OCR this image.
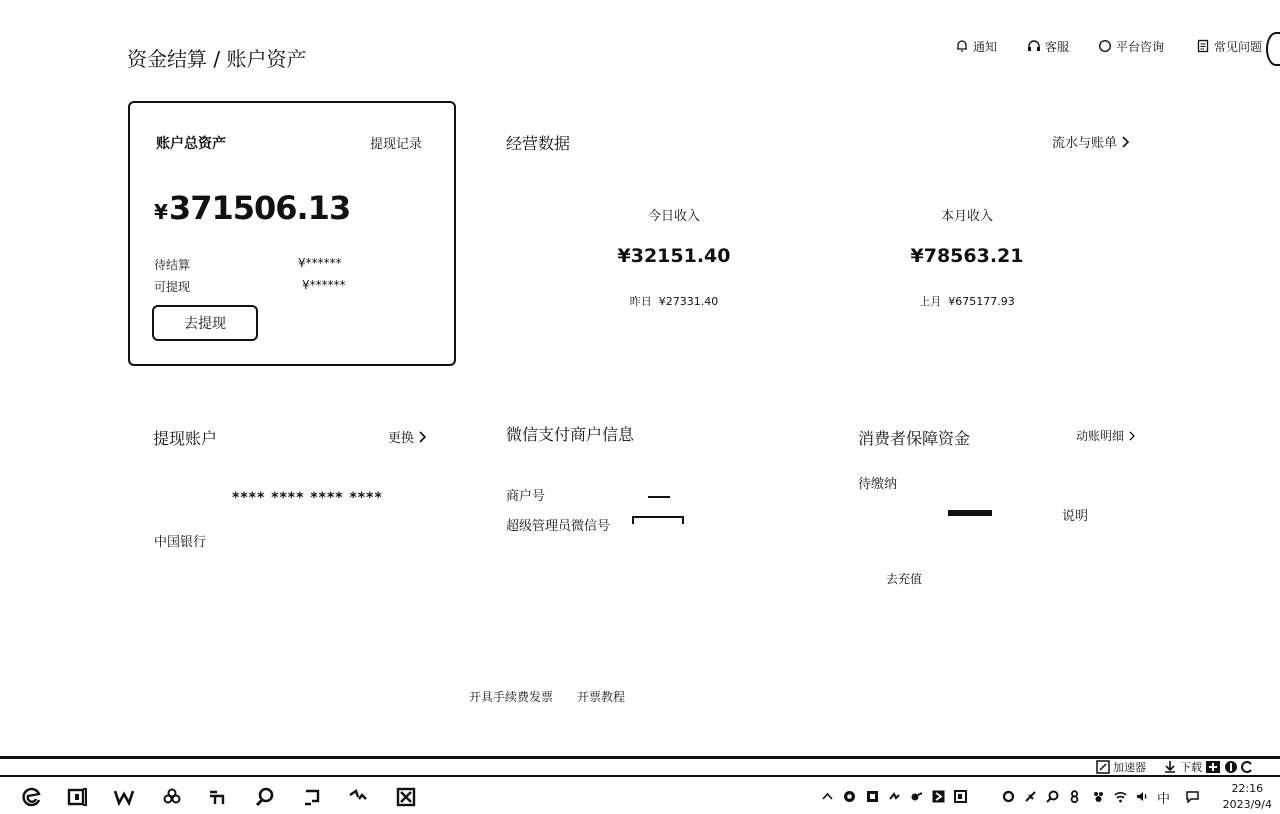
资金结算 / 账户资产
通知	客服	平台咨询	常见问题
账户总资产	提现记录
¥371506.13
待结算	¥******
可提现	¥******
去提现
经营数据	流水与账单
今日收入
¥32151.40
昨日 ¥27331.40
本月收入
¥78563.21
上月 ¥675177.93
提现账户	更换
**** **** **** ****
中国银行
微信支付商户信息
商户号
超级管理员微信号
消费者保障资金	动账明细
待缴纳
说明
去充值
开具手续费发票 开票教程
加速器	下载
中
22:16
2023/9/4
